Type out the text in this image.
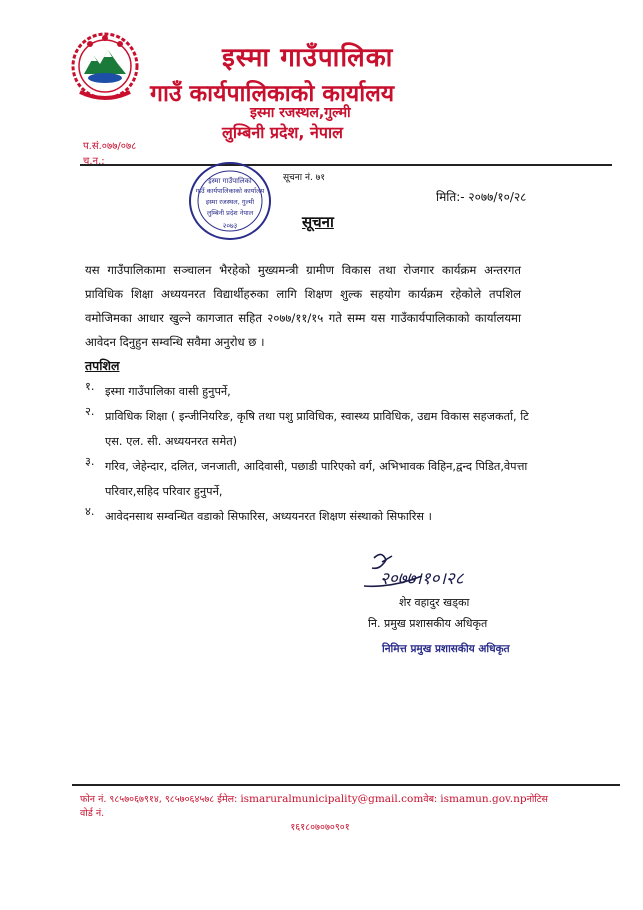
इस्मा गाउँपालिका
गाउँ कार्यपालिकाको कार्यालय
इस्मा रजस्थल,गुल्मी
लुम्बिनी प्रदेश, नेपाल
प.सं.०७७/०७८
च.न.:
इस्मा गाउँपालिका
गाउँ कार्यपालिकाको कार्यालय
इस्मा रजस्थल, गुल्मी
लुम्बिनी प्रदेश नेपाल
२०७३
सूचना नं. ७१
मिति:- २०७७/१०/२८
सूचना
यस गाउँपालिकामा सञ्चालन भैरहेको मुख्यमन्त्री ग्रामीण विकास तथा रोजगार कार्यक्रम अन्तरगत प्राविधिक शिक्षा अध्ययनरत विद्यार्थीहरुका लागि शिक्षण शुल्क सहयोग कार्यक्रम रहेकोले तपशिल वमोजिमका आधार खुल्ने कागजात सहित २०७७/११/१५ गते सम्म यस गाउँकार्यपालिकाको कार्यालयमा आवेदन दिनुहुन सम्वन्धि सवैमा अनुरोध छ ।
तपशिल
१. इस्मा गाउँपालिका वासी हुनुपर्ने,
२. प्राविधिक शिक्षा ( इन्जीनियरिङ, कृषि तथा पशु प्राविधिक, स्वास्थ्य प्राविधिक, उद्यम विकास सहजकर्ता, टि एस. एल. सी. अध्ययनरत समेत)
३. गरिव, जेहेन्दार, दलित, जनजाती, आदिवासी, पछाडी पारिएको वर्ग, अभिभावक विहिन,द्वन्द पिडित,वेपत्ता परिवार,सहिद परिवार हुनुपर्ने,
४. आवेदनसाथ सम्वन्धित वडाको सिफारिस, अध्ययनरत शिक्षण संस्थाको सिफारिस ।
२०७७।१०।२८
शेर वहादुर खड्का
नि. प्रमुख प्रशासकीय अधिकृत
निमित्त प्रमुख प्रशासकीय अधिकृत
फोन नं. ९८५७०६७९१४, ९८५७०६४५७८ ईमेल: ismaruralmunicipality@gmail.comवेब: ismamun.gov.npनोटिस वोर्ड नं.
१६१८०७०७०९०१
